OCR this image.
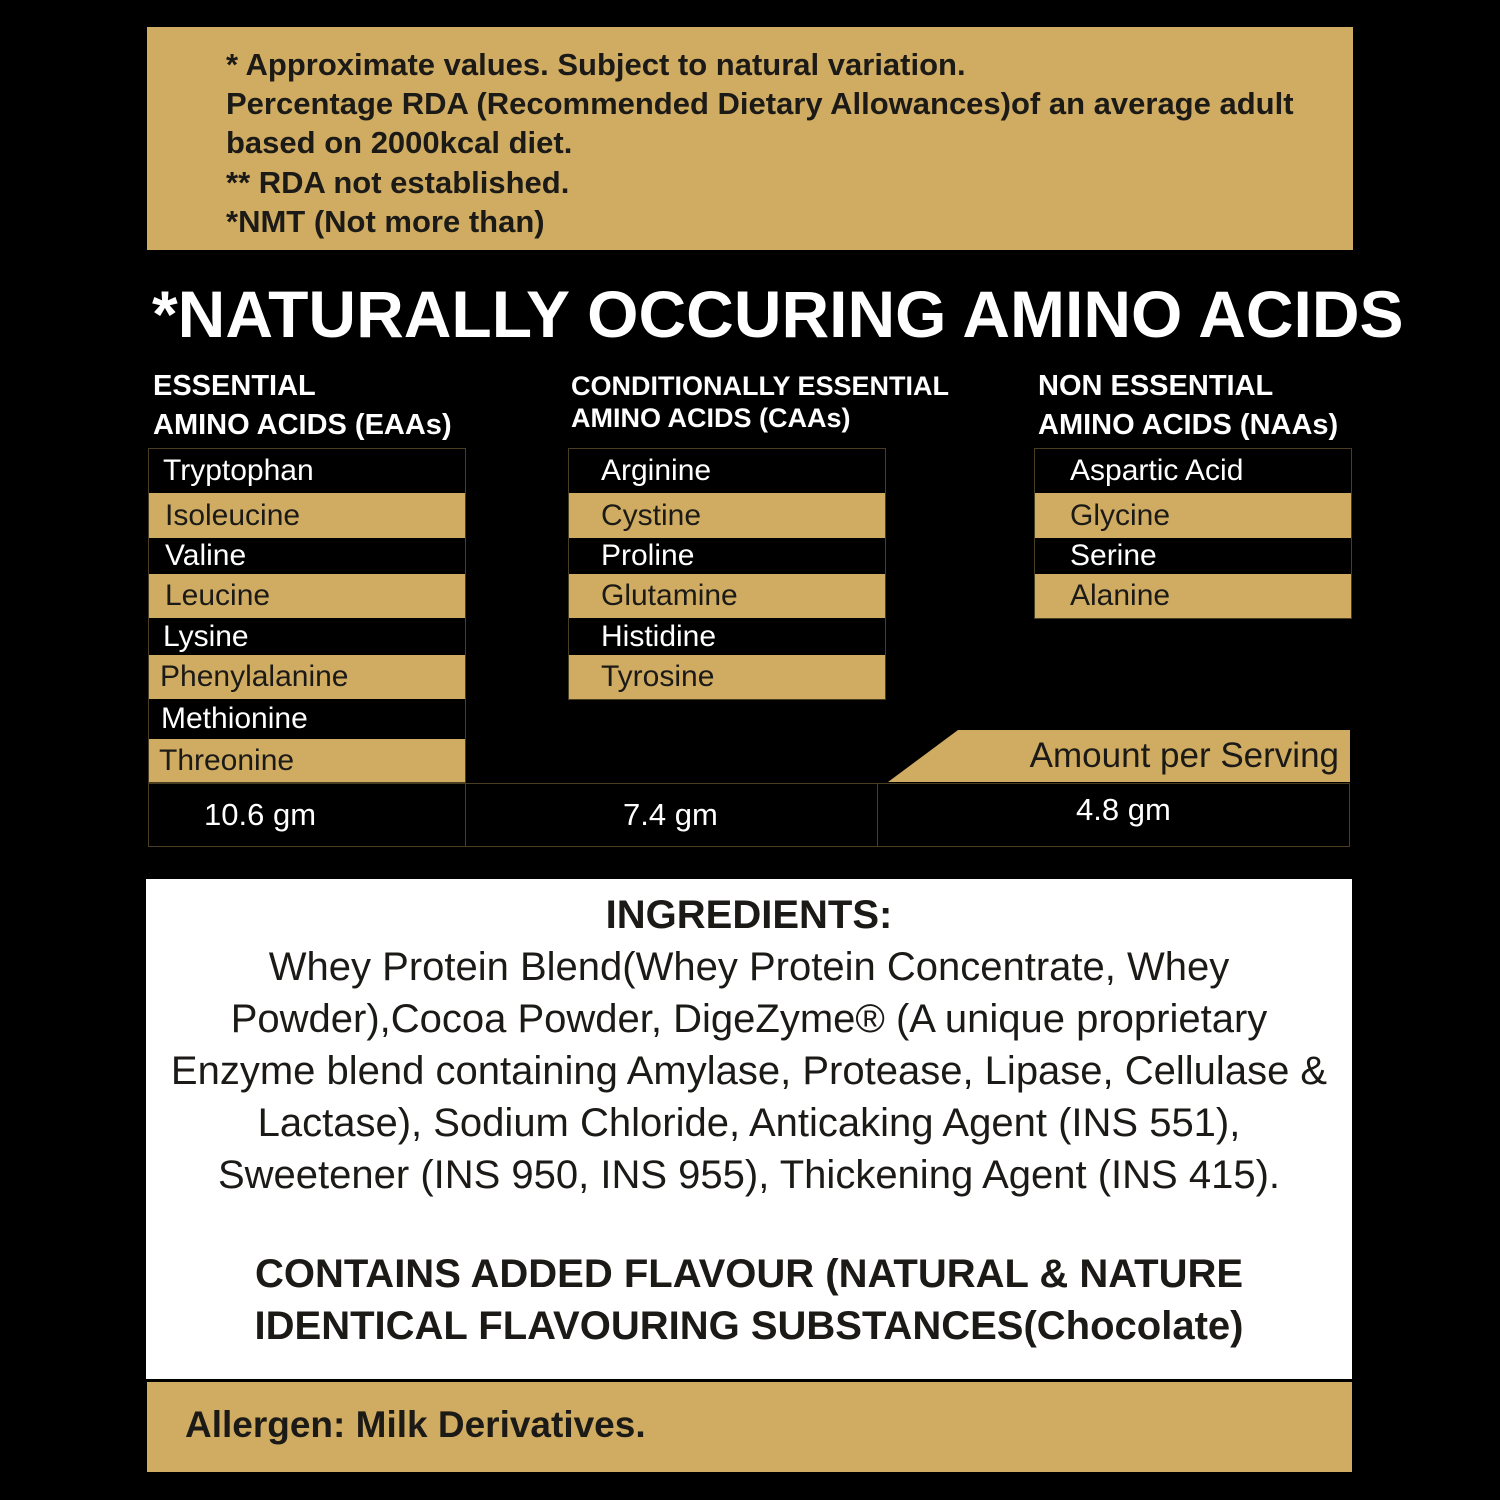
* Approximate values. Subject to natural variation.
Percentage RDA (Recommended Dietary Allowances)of an average adult
based on 2000kcal diet.
** RDA not established.
*NMT (Not more than)
*NATURALLY OCCURING AMINO ACIDS
ESSENTIAL
AMINO ACIDS (EAAs)
CONDITIONALLY ESSENTIAL
AMINO ACIDS (CAAs)
NON ESSENTIAL
AMINO ACIDS (NAAs)
Tryptophan
Isoleucine
Valine
Leucine
Lysine
Phenylalanine
Methionine
Threonine
Arginine
Cystine
Proline
Glutamine
Histidine
Tyrosine
Aspartic Acid
Glycine
Serine
Alanine
Amount per Serving
10.6 gm	7.4 gm	4.8 gm
INGREDIENTS:
Whey Protein Blend(Whey Protein Concentrate, Whey
Powder),Cocoa Powder, DigeZyme® (A unique proprietary
Enzyme blend containing Amylase, Protease, Lipase, Cellulase &
Lactase), Sodium Chloride, Anticaking Agent (INS 551),
Sweetener (INS 950, INS 955), Thickening Agent (INS 415).
CONTAINS ADDED FLAVOUR (NATURAL & NATURE
IDENTICAL FLAVOURING SUBSTANCES(Chocolate)
Allergen: Milk Derivatives.
